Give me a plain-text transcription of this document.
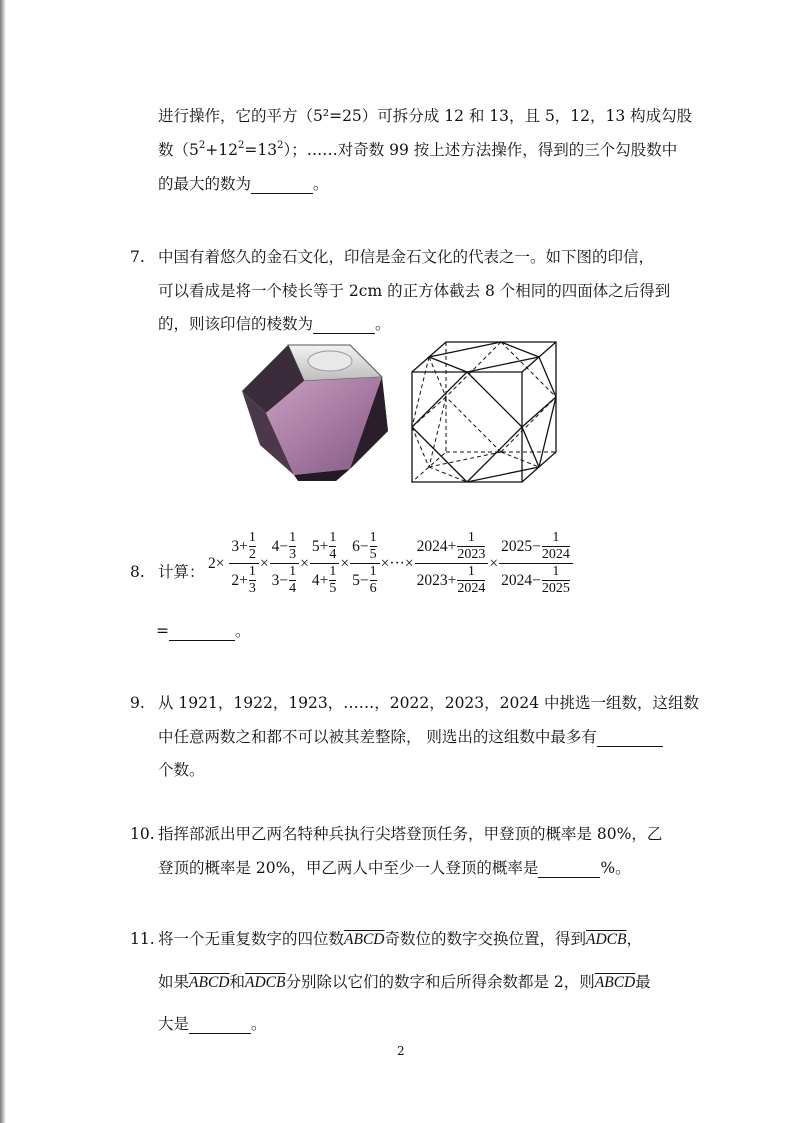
进行操作，它的平方（5²=25）可拆分成 12 和 13，且 5，12，13 构成勾股
数$(5^2+12^2=13^2)$；……对奇数 99 按上述方法操作，得到的三个勾股数中
的最大的数为	。
7. 中国有着悠久的金石文化，印信是金石文化的代表之一。如下图的印信，
可以看成是将一个棱长等于 2cm 的正方体截去 8 个相同的四面体之后得到
的，则该印信的棱数为	。
8. 计算： $2\times \frac{3+ \frac{1}{2}}{2+ \frac{1}{3}} \times \frac{4- \frac{1}{3}}{3- \frac{1}{4}} \times \frac{5+ \frac{1}{4}}{4+ \frac{1}{5}} \times \frac{6- \frac{1}{5}}{5- \frac{1}{6}}$ ×···× $\frac{2024+ \frac{1}{2023}}{2023+ \frac{1}{2024}} \times \frac{2025- \frac{1}{2024}}{2024- \frac{1}{2025}}$
=	。
9. 从 1921，1922，1923，……，2022，2023，2024 中挑选一组数，这组数
中任意两数之和都不可以被其差整除， 则选出的这组数中最多有
个数。
10. 指挥部派出甲乙两名特种兵执行尖塔登顶任务，甲登顶的概率是 80%，乙
登顶的概率是 20%，甲乙两人中至少一人登顶的概率是	%。
11. 将一个无重复数字的四位数ABCD奇数位的数字交换位置，得到ADCB，
如果ABCD和ADCB分别除以它们的数字和后所得余数都是 2，则ABCD最
大是	。
2
